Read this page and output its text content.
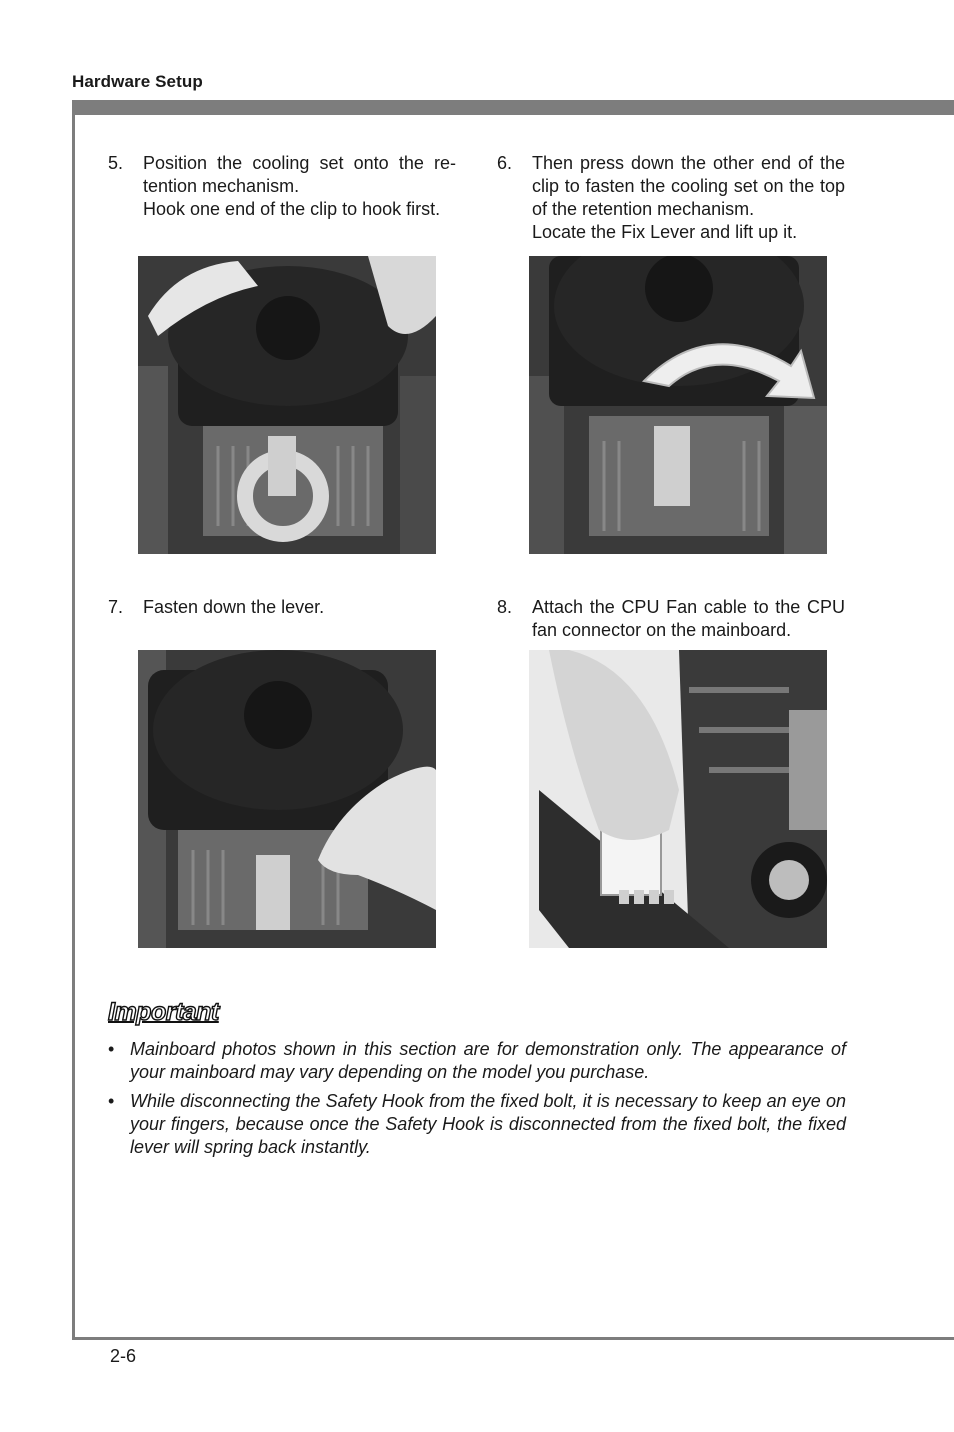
Hardware Setup
5. Position the cooling set onto the re-tention mechanism.

Hook one end of the clip to hook first.

6. Then press down the other end of the clip to fasten the cooling set on the top of the retention mechanism.

Locate the Fix Lever and lift up it.

7. Fasten down the lever.	8. Attach the CPU Fan cable to the CPU fan connector on the mainboard.

Important
• Mainboard photos shown in this section are for demonstration only. The appearance of your mainboard may vary depending on the model you purchase.
• While disconnecting the Safety Hook from the fixed bolt, it is necessary to keep an eye on your fingers, because once the Safety Hook is disconnected from the fixed bolt, the fixed lever will spring back instantly.
2-6
